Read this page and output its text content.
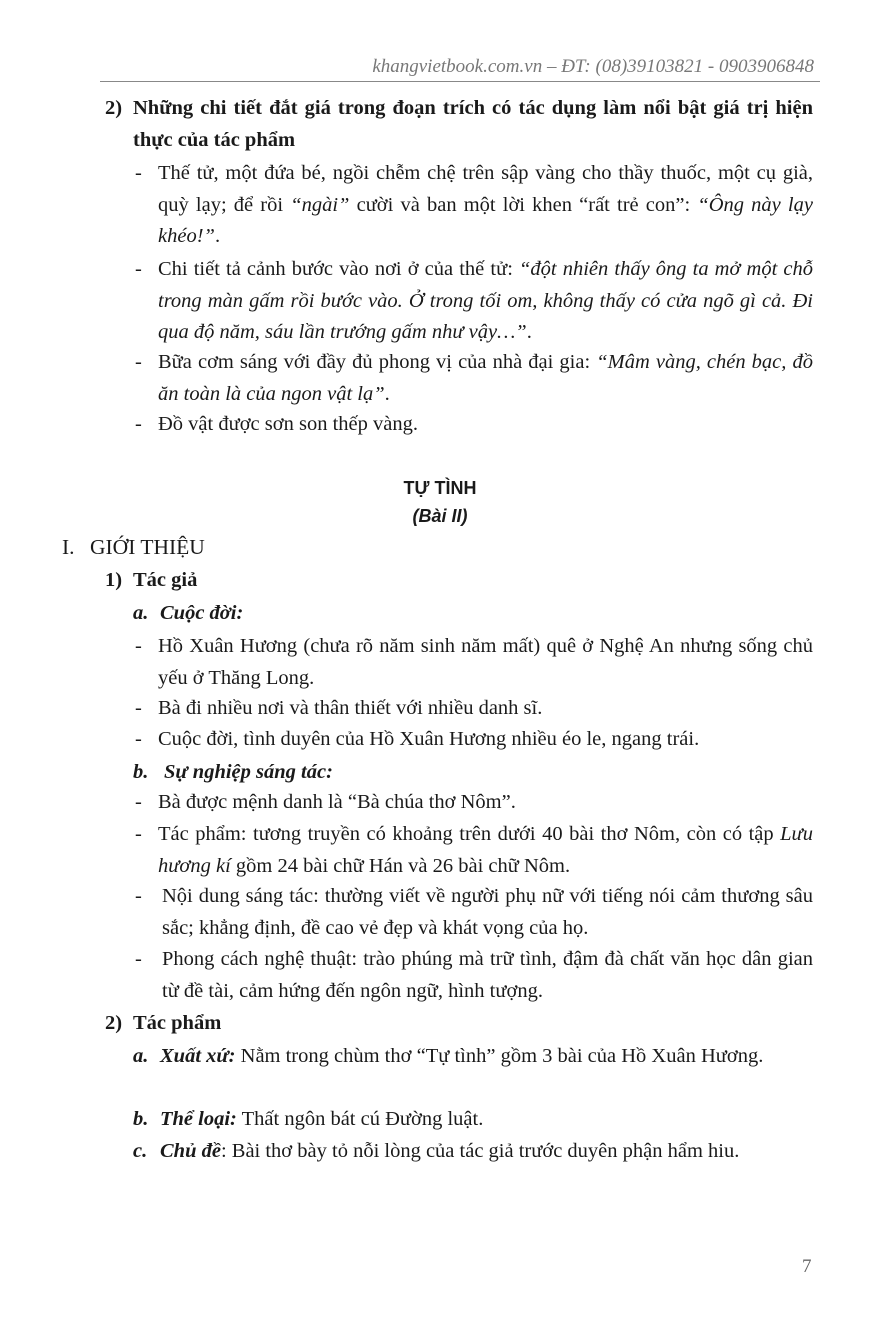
khangvietbook.com.vn – ĐT: (08)39103821 - 0903906848
2) Những chi tiết đắt giá trong đoạn trích có tác dụng làm nổi bật giá trị hiện thực của tác phẩm
- Thế tử, một đứa bé, ngồi chễm chệ trên sập vàng cho thầy thuốc, một cụ già, quỳ lạy; để rồi “ngài” cười và ban một lời khen “rất trẻ con”: “Ông này lạy khéo!”.
- Chi tiết tả cảnh bước vào nơi ở của thế tử: “đột nhiên thấy ông ta mở một chỗ trong màn gấm rồi bước vào. Ở trong tối om, không thấy có cửa ngõ gì cả. Đi qua độ năm, sáu lần trướng gấm như vậy…”.
- Bữa cơm sáng với đầy đủ phong vị của nhà đại gia: “Mâm vàng, chén bạc, đồ ăn toàn là của ngon vật lạ”.
- Đồ vật được sơn son thếp vàng.
TỰ TÌNH
(Bài II)
I. GIỚI THIỆU
1) Tác giả
a. Cuộc đời:
- Hồ Xuân Hương (chưa rõ năm sinh năm mất) quê ở Nghệ An nhưng sống chủ yếu ở Thăng Long.
- Bà đi nhiều nơi và thân thiết với nhiều danh sĩ.
- Cuộc đời, tình duyên của Hồ Xuân Hương nhiều éo le, ngang trái.
b. Sự nghiệp sáng tác:
- Bà được mệnh danh là “Bà chúa thơ Nôm”.
- Tác phẩm: tương truyền có khoảng trên dưới 40 bài thơ Nôm, còn có tập Lưu hương kí gồm 24 bài chữ Hán và 26 bài chữ Nôm.
- Nội dung sáng tác: thường viết về người phụ nữ với tiếng nói cảm thương sâu sắc; khẳng định, đề cao vẻ đẹp và khát vọng của họ.
- Phong cách nghệ thuật: trào phúng mà trữ tình, đậm đà chất văn học dân gian từ đề tài, cảm hứng đến ngôn ngữ, hình tượng.
2) Tác phẩm
a. Xuất xứ: Nằm trong chùm thơ “Tự tình” gồm 3 bài của Hồ Xuân Hương.
b. Thể loại: Thất ngôn bát cú Đường luật.
c. Chủ đề: Bài thơ bày tỏ nỗi lòng của tác giả trước duyên phận hẩm hiu.
7
